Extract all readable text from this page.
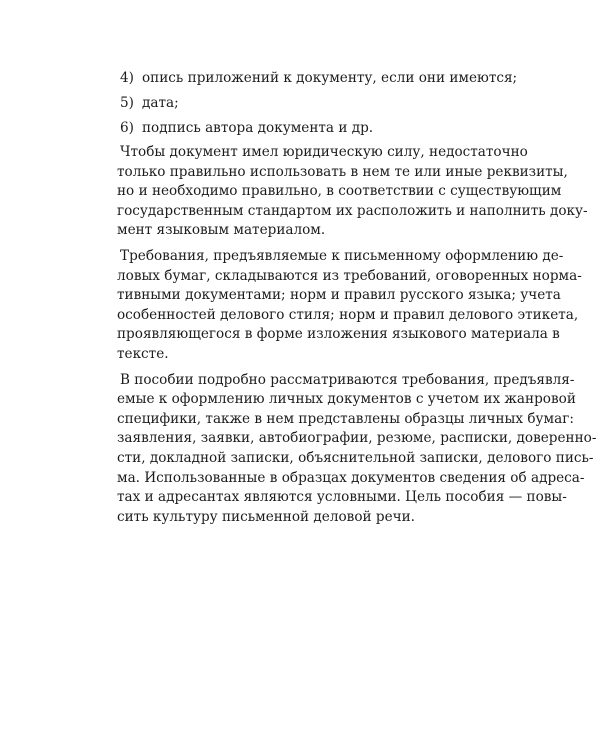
4) опись приложений к документу, если они имеются;
5) дата;
6) подпись автора документа и др.
Чтобы документ имел юридическую силу, недостаточно
только правильно использовать в нем те или иные реквизиты,
но и необходимо правильно, в соответствии с существующим
государственным стандартом их расположить и наполнить доку-
мент языковым материалом.
Требования, предъявляемые к письменному оформлению де-
ловых бумаг, складываются из требований, оговоренных норма-
тивными документами; норм и правил русского языка; учета
особенностей делового стиля; норм и правил делового этикета,
проявляющегося в форме изложения языкового материала в
тексте.
В пособии подробно рассматриваются требования, предъявля-
емые к оформлению личных документов с учетом их жанровой
специфики, также в нем представлены образцы личных бумаг:
заявления, заявки, автобиографии, резюме, расписки, доверенно-
сти, докладной записки, объяснительной записки, делового пись-
ма. Использованные в образцах документов сведения об адреса-
тах и адресантах являются условными. Цель пособия — повы-
сить культуру письменной деловой речи.
